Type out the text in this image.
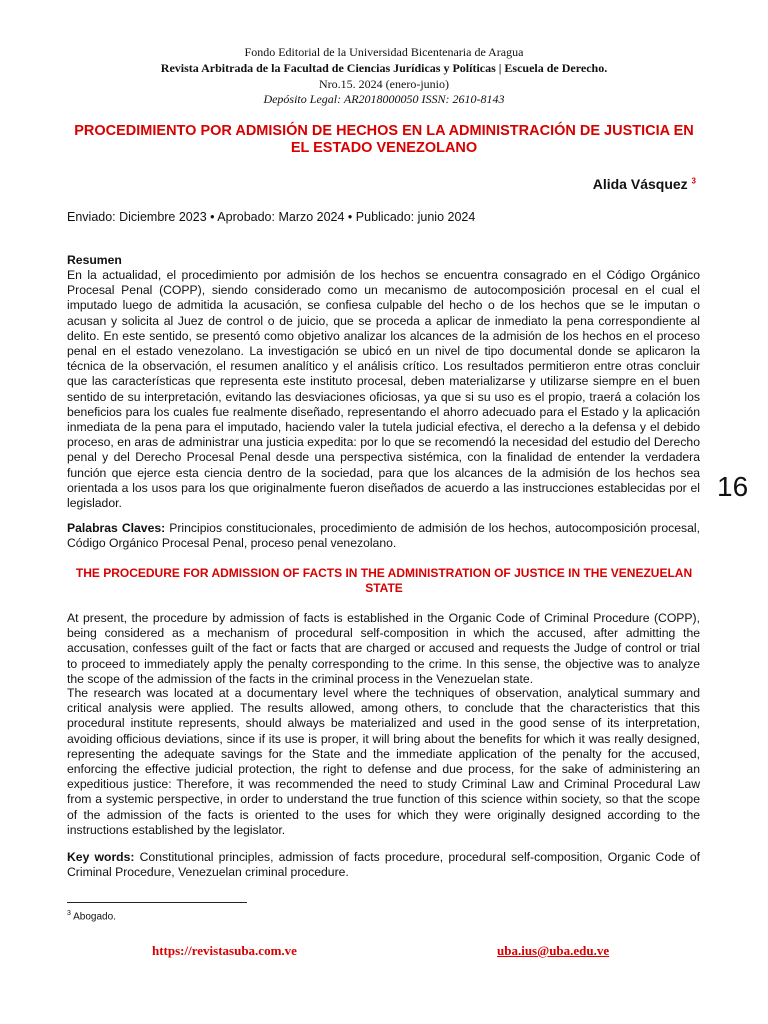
Fondo Editorial de la Universidad Bicentenaria de Aragua
Revista Arbitrada de la Facultad de Ciencias Jurídicas y Políticas | Escuela de Derecho.
Nro.15. 2024 (enero-junio)
Depósito Legal: AR2018000050 ISSN: 2610-8143
PROCEDIMIENTO POR ADMISIÓN DE HECHOS EN LA ADMINISTRACIÓN DE JUSTICIA EN EL ESTADO VENEZOLANO
Alida Vásquez $^3$
Enviado: Diciembre 2023 • Aprobado: Marzo 2024 • Publicado: junio 2024
Resumen
En la actualidad, el procedimiento por admisión de los hechos se encuentra consagrado en el Código Orgánico Procesal Penal (COPP), siendo considerado como un mecanismo de autocomposición procesal en el cual el imputado luego de admitida la acusación, se confiesa culpable del hecho o de los hechos que se le imputan o acusan y solicita al Juez de control o de juicio, que se proceda a aplicar de inmediato la pena correspondiente al delito. En este sentido, se presentó como objetivo analizar los alcances de la admisión de los hechos en el proceso penal en el estado venezolano. La investigación se ubicó en un nivel de tipo documental donde se aplicaron la técnica de la observación, el resumen analítico y el análisis crítico. Los resultados permitieron entre otras concluir que las características que representa este instituto procesal, deben materializarse y utilizarse siempre en el buen sentido de su interpretación, evitando las desviaciones oficiosas, ya que si su uso es el propio, traerá a colación los beneficios para los cuales fue realmente diseñado, representando el ahorro adecuado para el Estado y la aplicación inmediata de la pena para el imputado, haciendo valer la tutela judicial efectiva, el derecho a la defensa y el debido proceso, en aras de administrar una justicia expedita: por lo que se recomendó la necesidad del estudio del Derecho penal y del Derecho Procesal Penal desde una perspectiva sistémica, con la finalidad de entender la verdadera función que ejerce esta ciencia dentro de la sociedad, para que los alcances de la admisión de los hechos sea orientada a los usos para los que originalmente fueron diseñados de acuerdo a las instrucciones establecidas por el legislador.
Palabras Claves: Principios constitucionales, procedimiento de admisión de los hechos, autocomposición procesal, Código Orgánico Procesal Penal, proceso penal venezolano.
THE PROCEDURE FOR ADMISSION OF FACTS IN THE ADMINISTRATION OF JUSTICE IN THE VENEZUELAN STATE
At present, the procedure by admission of facts is established in the Organic Code of Criminal Procedure (COPP), being considered as a mechanism of procedural self-composition in which the accused, after admitting the accusation, confesses guilt of the fact or facts that are charged or accused and requests the Judge of control or trial to proceed to immediately apply the penalty corresponding to the crime. In this sense, the objective was to analyze the scope of the admission of the facts in the criminal process in the Venezuelan state.
The research was located at a documentary level where the techniques of observation, analytical summary and critical analysis were applied. The results allowed, among others, to conclude that the characteristics that this procedural institute represents, should always be materialized and used in the good sense of its interpretation, avoiding officious deviations, since if its use is proper, it will bring about the benefits for which it was really designed, representing the adequate savings for the State and the immediate application of the penalty for the accused, enforcing the effective judicial protection, the right to defense and due process, for the sake of administering an expeditious justice: Therefore, it was recommended the need to study Criminal Law and Criminal Procedural Law from a systemic perspective, in order to understand the true function of this science within society, so that the scope of the admission of the facts is oriented to the uses for which they were originally designed according to the instructions established by the legislator.
Key words: Constitutional principles, admission of facts procedure, procedural self-composition, Organic Code of Criminal Procedure, Venezuelan criminal procedure.
16
$^3$ Abogado.
https://revistasuba.com.ve	uba.ius@uba.edu.ve
